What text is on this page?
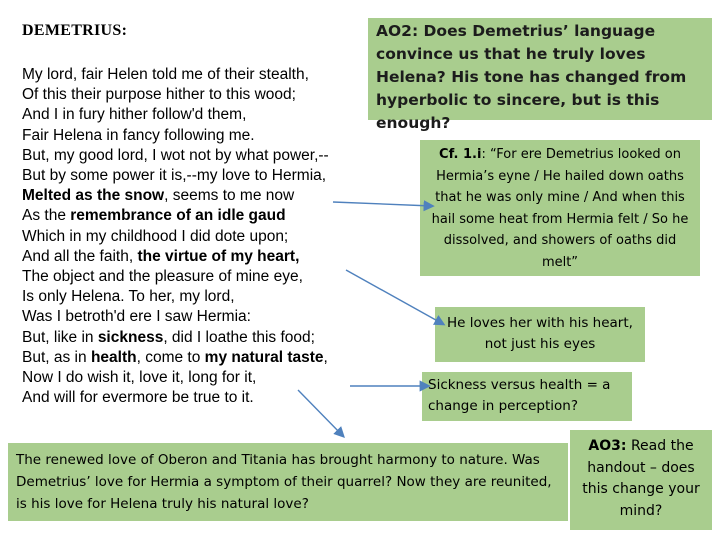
DEMETRIUS:
My lord, fair Helen told me of their stealth,
Of this their purpose hither to this wood;
And I in fury hither follow'd them,
Fair Helena in fancy following me.
But, my good lord, I wot not by what power,--
But by some power it is,--my love to Hermia,
Melted as the snow, seems to me now
As the remembrance of an idle gaud
Which in my childhood I did dote upon;
And all the faith, the virtue of my heart,
The object and the pleasure of mine eye,
Is only Helena. To her, my lord,
Was I betroth'd ere I saw Hermia:
But, like in sickness, did I loathe this food;
But, as in health, come to my natural taste,
Now I do wish it, love it, long for it,
And will for evermore be true to it.
AO2: Does Demetrius’ language convince us that he truly loves Helena? His tone has changed from hyperbolic to sincere, but is this enough?
Cf. 1.i: “For ere Demetrius looked on Hermia’s eyne / He hailed down oaths that he was only mine / And when this hail some heat from Hermia felt / So he dissolved, and showers of oaths did melt”
He loves her with his heart, not just his eyes
Sickness versus health = a change in perception?
The renewed love of Oberon and Titania has brought harmony to nature. Was Demetrius’ love for Hermia a symptom of their quarrel? Now they are reunited, is his love for Helena truly his natural love?
AO3: Read the handout – does this change your mind?
